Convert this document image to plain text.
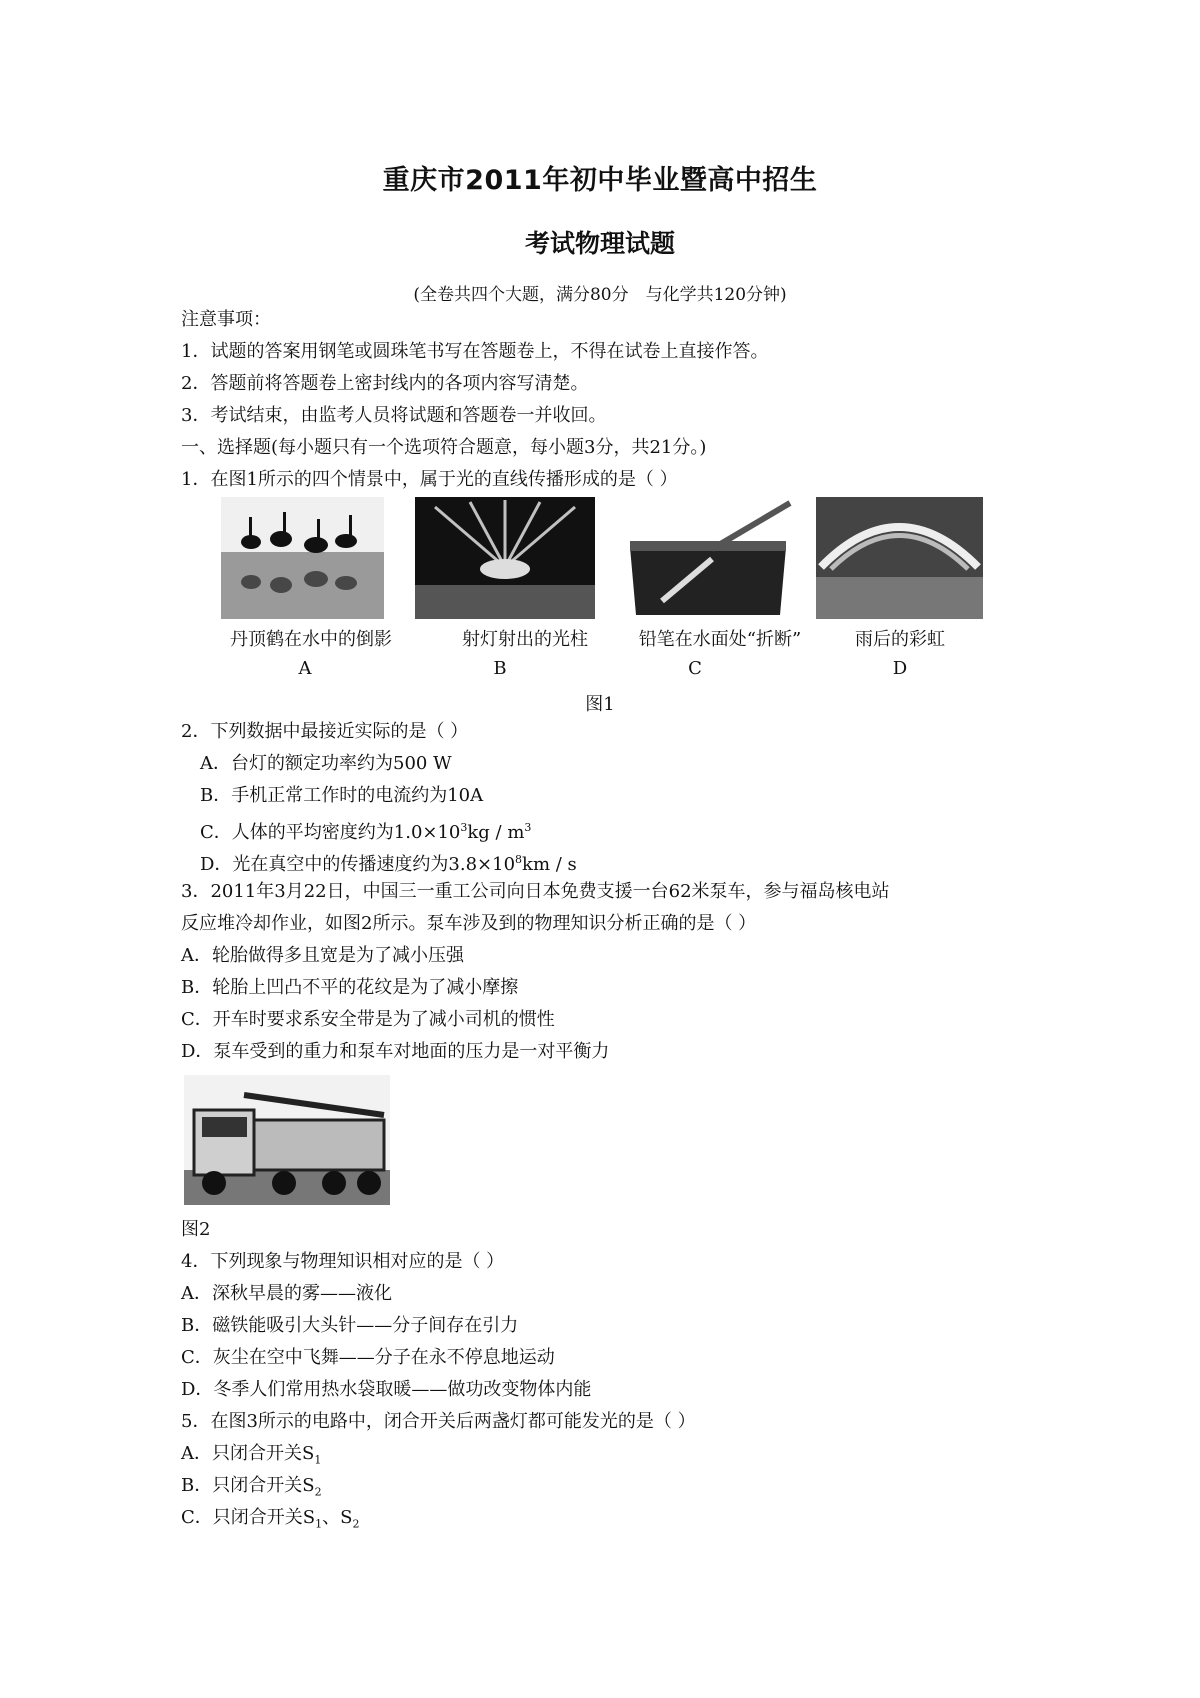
重庆市2011年初中毕业暨高中招生
考试物理试题
(全卷共四个大题，满分80分　与化学共120分钟)
注意事项：
1．试题的答案用钢笔或圆珠笔书写在答题卷上，不得在试卷上直接作答。
2．答题前将答题卷上密封线内的各项内容写清楚。
3．考试结束，由监考人员将试题和答题卷一并收回。
一、选择题(每小题只有一个选项符合题意，每小题3分，共21分。)
1．在图1所示的四个情景中，属于光的直线传播形成的是（ ）
丹顶鹤在水中的倒影	射灯射出的光柱	铅笔在水面处“折断”	雨后的彩虹
A	B	C	D
图1
2．下列数据中最接近实际的是（ ）
A．台灯的额定功率约为500 W
B．手机正常工作时的电流约为10A
C．人体的平均密度约为$1.0\times 10^3kg / m^3$
D．光在真空中的传播速度约为$3.8\times 10^8km / s$
3．2011年3月22日，中国三一重工公司向日本免费支援一台62米泵车，参与福岛核电站
反应堆冷却作业，如图2所示。泵车涉及到的物理知识分析正确的是（ ）
A．轮胎做得多且宽是为了减小压强
B．轮胎上凹凸不平的花纹是为了减小摩擦
C．开车时要求系安全带是为了减小司机的惯性
D．泵车受到的重力和泵车对地面的压力是一对平衡力
图2
4．下列现象与物理知识相对应的是（ ）
A．深秋早晨的雾——液化
B．磁铁能吸引大头针——分子间存在引力
C．灰尘在空中飞舞——分子在永不停息地运动
D．冬季人们常用热水袋取暖——做功改变物体内能
5．在图3所示的电路中，闭合开关后两盏灯都可能发光的是（ ）
A．只闭合开关$S_1$
B．只闭合开关$S_2$
C．只闭合开关$S_1$、$S_2$
